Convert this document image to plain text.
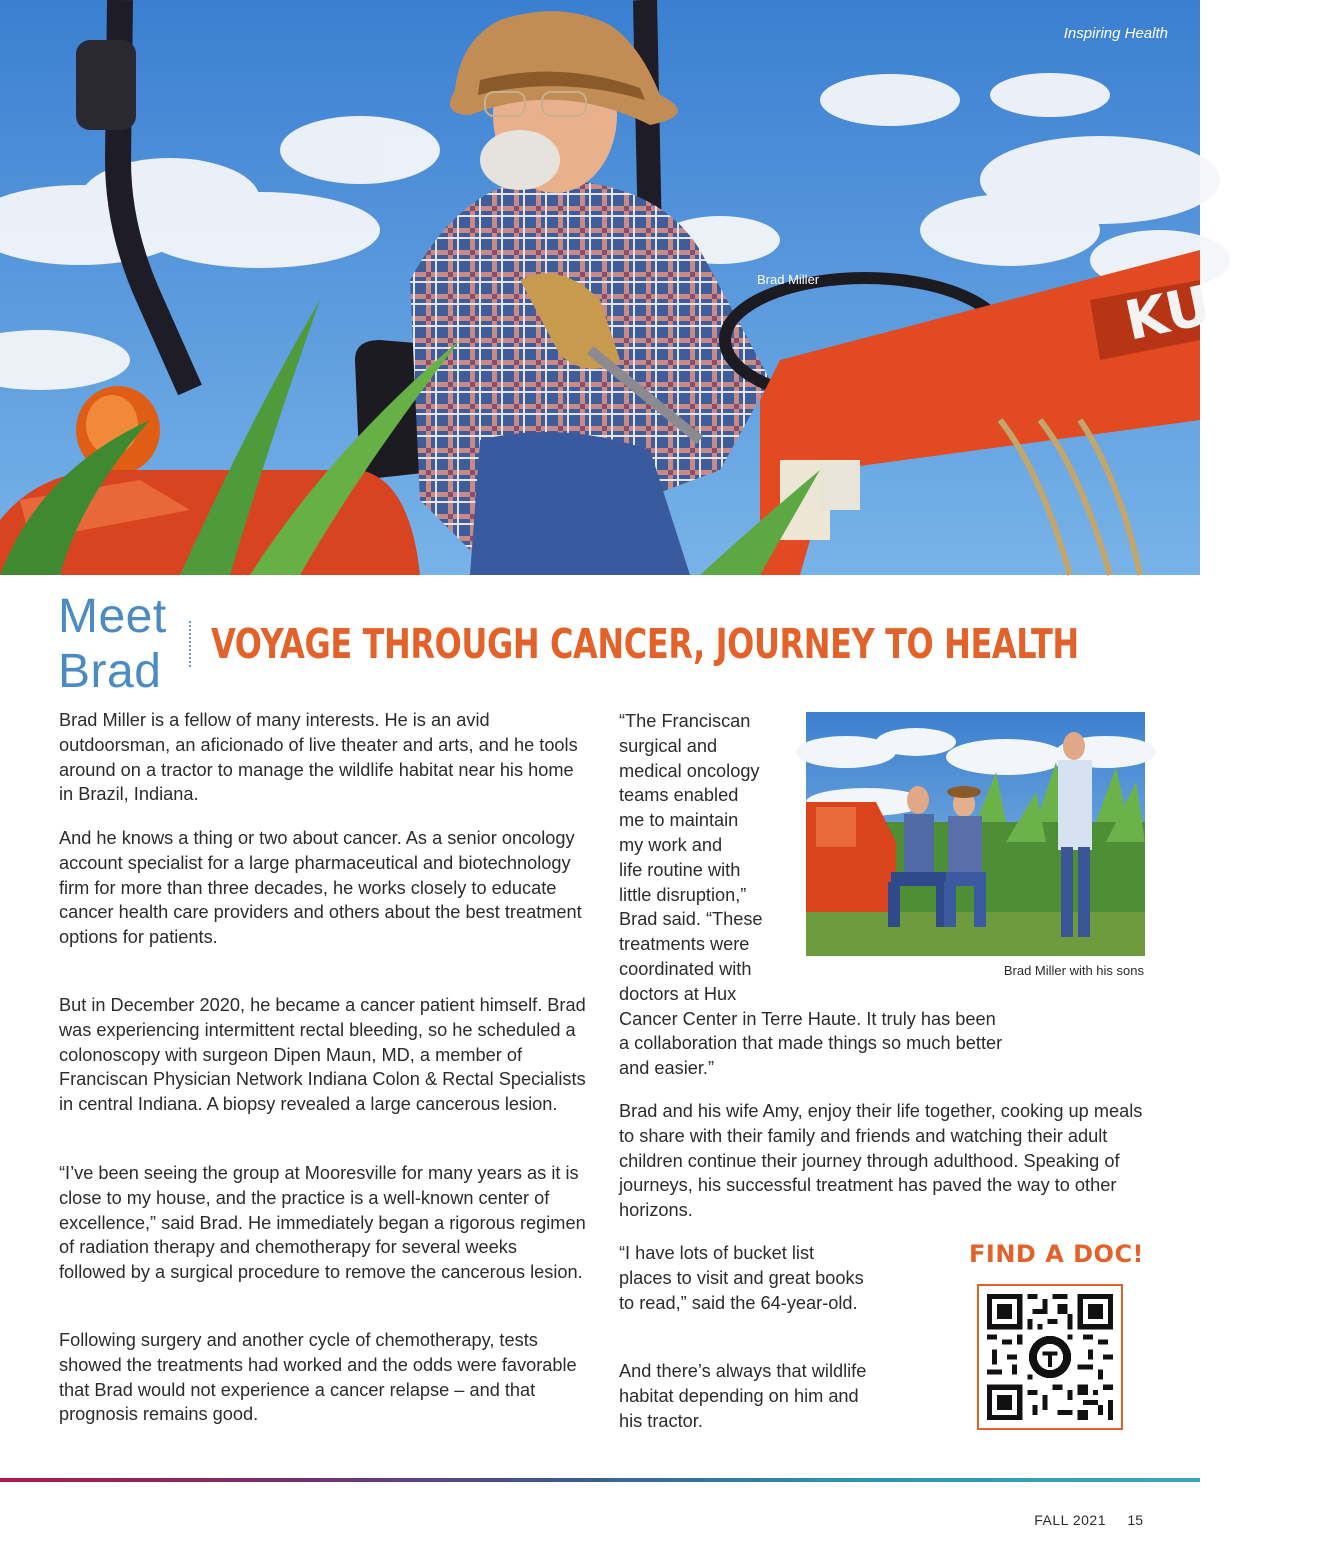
KU
Inspiring Health
Brad Miller
Meet Brad
VOYAGE THROUGH CANCER, JOURNEY TO HEALTH

Brad Miller is a fellow of many interests. He is an avid outdoorsman, an aficionado of live theater and arts, and he tools around on a tractor to manage the wildlife habitat near his home in Brazil, Indiana.

And he knows a thing or two about cancer. As a senior oncology account specialist for a large pharmaceutical and biotechnology firm for more than three decades, he works closely to educate cancer health care providers and others about the best treatment options for patients.

But in December 2020, he became a cancer patient himself. Brad was experiencing intermittent rectal bleeding, so he scheduled a colonoscopy with surgeon Dipen Maun, MD, a member of Franciscan Physician Network Indiana Colon & Rectal Specialists in central Indiana. A biopsy revealed a large cancerous lesion.

“I’ve been seeing the group at Mooresville for many years as it is close to my house, and the practice is a well-known center of excellence,” said Brad. He immediately began a rigorous regimen of radiation therapy and chemotherapy for several weeks followed by a surgical procedure to remove the cancerous lesion.

Following surgery and another cycle of chemotherapy, tests showed the treatments had worked and the odds were favorable that Brad would not experience a cancer relapse – and that prognosis remains good.

“The Franciscan
surgical and
medical oncology
teams enabled
me to maintain
my work and
life routine with
little disruption,”
Brad said. “These
treatments were
coordinated with
doctors at Hux
Cancer Center in Terre Haute. It truly has been
a collaboration that made things so much better
and easier.”

Brad Miller with his sons

Brad and his wife Amy, enjoy their life together, cooking up meals to share with their family and friends and watching their adult children continue their journey through adulthood. Speaking of journeys, his successful treatment has paved the way to other horizons.

“I have lots of bucket list places to visit and great books to read,” said the 64-year-old.

And there’s always that wildlife habitat depending on him and his tractor.

FIND A DOC!
FALL 2021 15
